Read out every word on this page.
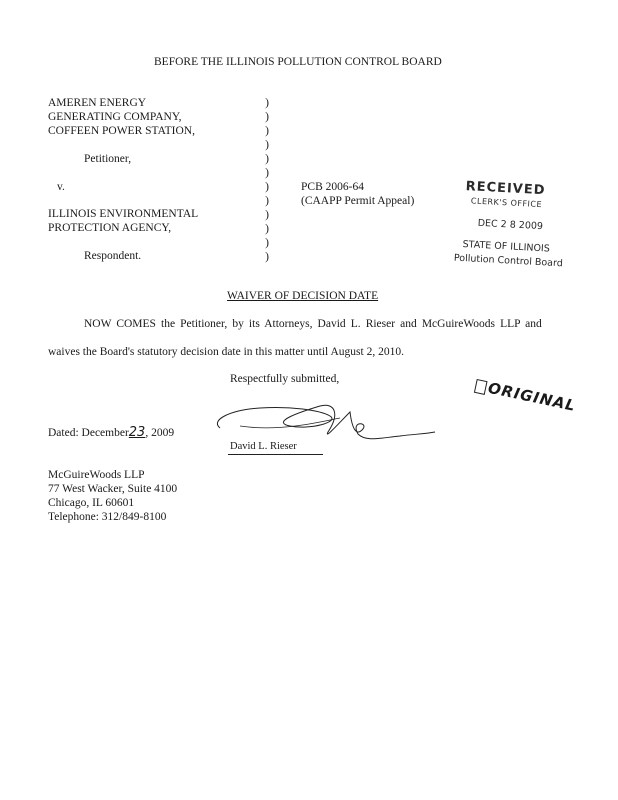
BEFORE THE ILLINOIS POLLUTION CONTROL BOARD
AMEREN ENERGY
GENERATING COMPANY,
COFFEEN POWER STATION,
Petitioner,
v.
ILLINOIS ENVIRONMENTAL
PROTECTION AGENCY,
Respondent.
)
)
)
)
)
)
)
)
)
)
)
)
PCB 2006-64
(CAAPP Permit Appeal)
RECEIVED
CLERK'S OFFICE
DEC 2 8 2009
STATE OF ILLINOIS
Pollution Control Board
WAIVER OF DECISION DATE
NOW COMES the Petitioner, by its Attorneys, David L. Rieser and McGuireWoods LLP and
waives the Board's statutory decision date in this matter until August 2, 2010.
Respectfully submitted,	ORIGINAL
Dated: December23, 2009
David L. Rieser
McGuireWoods LLP
77 West Wacker, Suite 4100
Chicago, IL 60601
Telephone: 312/849-8100
